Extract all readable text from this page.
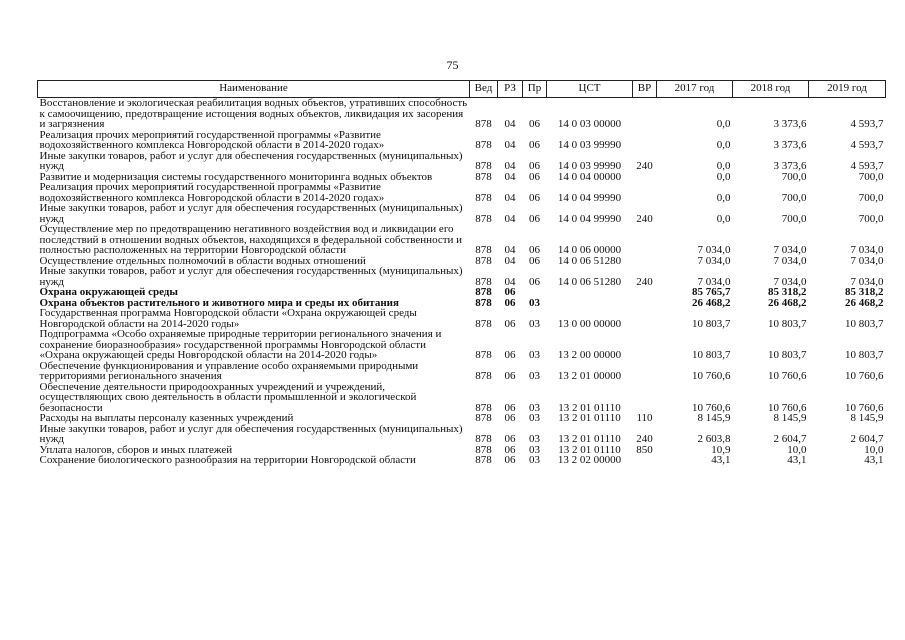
75
Наименование	Вед	РЗ	Пр	ЦСТ	ВР	2017 год	2018 год	2019 год
Восстановление и экологическая реабилитация водных объектов, утративших способность к самоочищению, предотвращение истощения водных объектов, ликвидация их засорения и загрязнения	878	04	06	14 0 03 00000		0,0	3 373,6	4 593,7
Реализация прочих мероприятий государственной программы «Развитие водохозяйственного комплекса Новгородской области в 2014-2020 годах»	878	04	06	14 0 03 99990		0,0	3 373,6	4 593,7
Иные закупки товаров, работ и услуг для обеспечения государственных (муниципальных) нужд	878	04	06	14 0 03 99990	240	0,0	3 373,6	4 593,7
Развитие и модернизация системы государственного мониторинга водных объектов	878	04	06	14 0 04 00000		0,0	700,0	700,0
Реализация прочих мероприятий государственной программы «Развитие водохозяйственного комплекса Новгородской области в 2014-2020 годах»	878	04	06	14 0 04 99990		0,0	700,0	700,0
Иные закупки товаров, работ и услуг для обеспечения государственных (муниципальных) нужд	878	04	06	14 0 04 99990	240	0,0	700,0	700,0
Осуществление мер по предотвращению негативного воздействия вод и ликвидации его последствий в отношении водных объектов, находящихся в федеральной собственности и полностью расположенных на территории Новгородской области	878	04	06	14 0 06 00000		7 034,0	7 034,0	7 034,0
Осуществление отдельных полномочий в области водных отношений	878	04	06	14 0 06 51280		7 034,0	7 034,0	7 034,0
Иные закупки товаров, работ и услуг для обеспечения государственных (муниципальных) нужд	878	04	06	14 0 06 51280	240	7 034,0	7 034,0	7 034,0
Охрана окружающей среды	878	06				85 765,7	85 318,2	85 318,2
Охрана объектов растительного и животного мира и среды их обитания	878	06	03			26 468,2	26 468,2	26 468,2
Государственная программа Новгородской области «Охрана окружающей среды Новгородской области на 2014-2020 годы»	878	06	03	13 0 00 00000		10 803,7	10 803,7	10 803,7
Подпрограмма «Особо охраняемые природные территории регионального значения и сохранение биоразнообразия» государственной программы Новгородской области «Охрана окружающей среды Новгородской области на 2014-2020 годы»	878	06	03	13 2 00 00000		10 803,7	10 803,7	10 803,7
Обеспечение функционирования и управление особо охраняемыми природными территориями регионального значения	878	06	03	13 2 01 00000		10 760,6	10 760,6	10 760,6
Обеспечение деятельности природоохранных учреждений и учреждений, осуществляющих свою деятельность в области промышленной и экологической безопасности	878	06	03	13 2 01 01110		10 760,6	10 760,6	10 760,6
Расходы на выплаты персоналу казенных учреждений	878	06	03	13 2 01 01110	110	8 145,9	8 145,9	8 145,9
Иные закупки товаров, работ и услуг для обеспечения государственных (муниципальных) нужд	878	06	03	13 2 01 01110	240	2 603,8	2 604,7	2 604,7
Уплата налогов, сборов и иных платежей	878	06	03	13 2 01 01110	850	10,9	10,0	10,0
Сохранение биологического разнообразия на территории Новгородской области	878	06	03	13 2 02 00000		43,1	43,1	43,1
